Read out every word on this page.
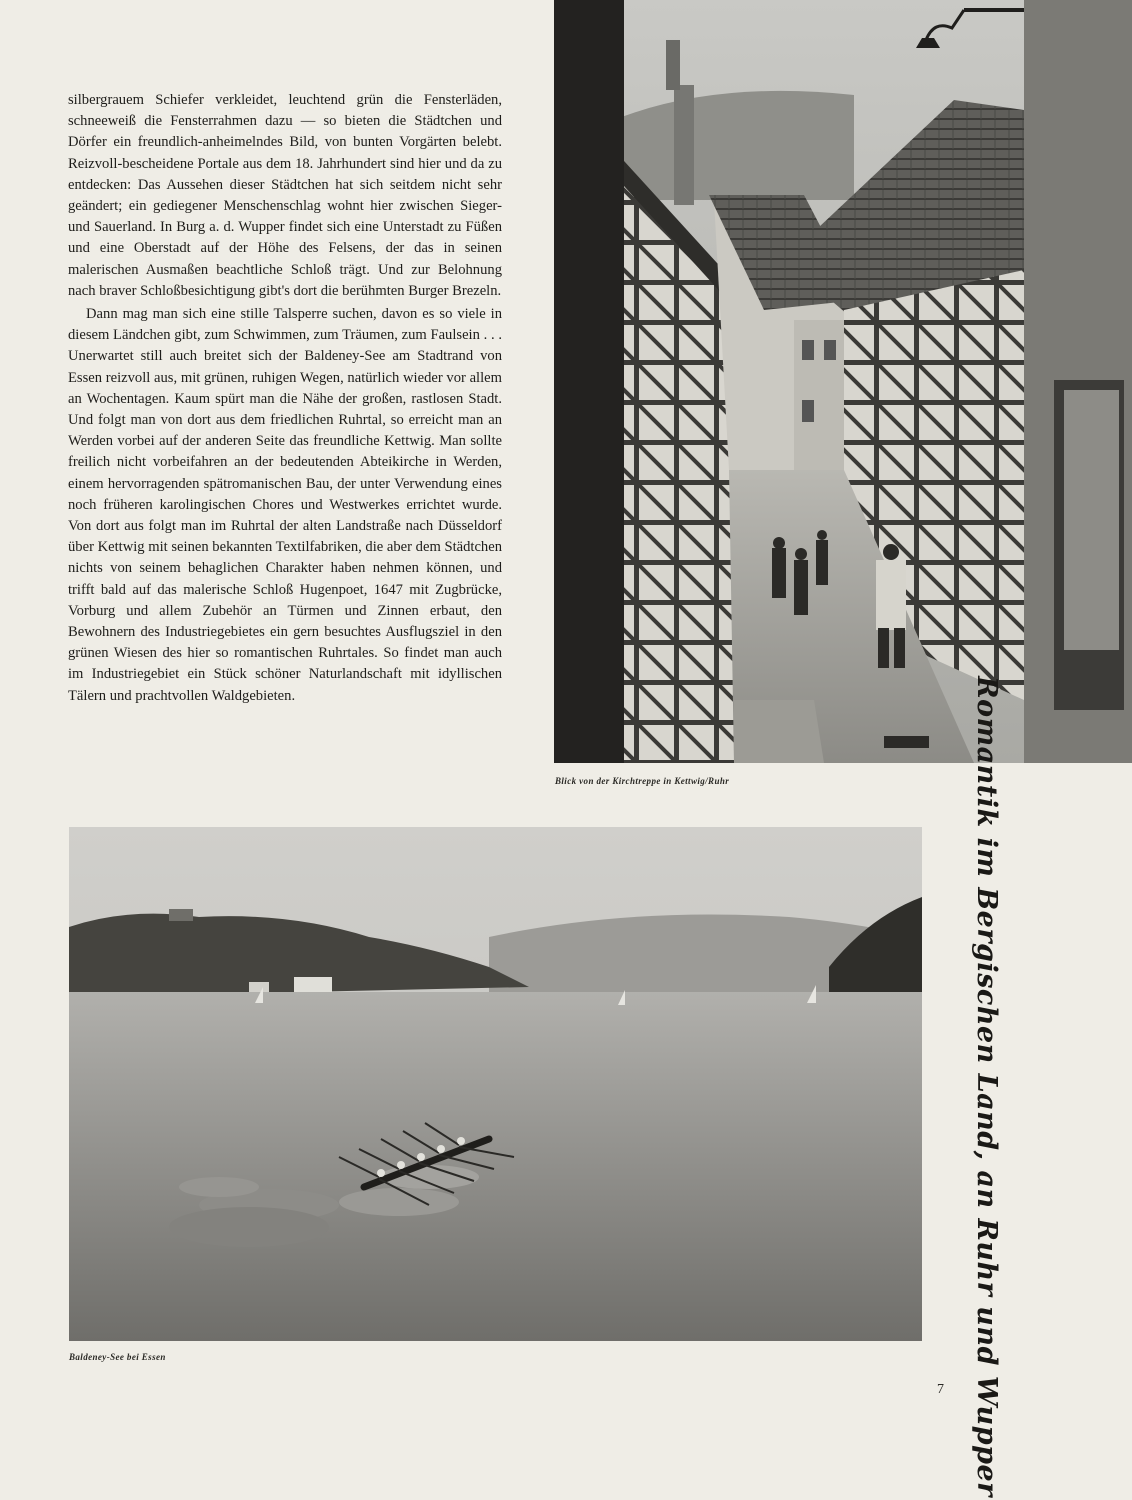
silbergrauem Schiefer verkleidet, leuchtend grün die Fensterläden, schneeweiß die Fensterrahmen dazu — so bieten die Städtchen und Dörfer ein freundlich-anheimelndes Bild, von bunten Vorgärten belebt. Reizvoll-bescheidene Portale aus dem 18. Jahrhundert sind hier und da zu entdecken: Das Aussehen dieser Städtchen hat sich seitdem nicht sehr geändert; ein gediegener Menschenschlag wohnt hier zwischen Sieger- und Sauerland. In Burg a. d. Wupper findet sich eine Unterstadt zu Füßen und eine Oberstadt auf der Höhe des Felsens, der das in seinen malerischen Ausmaßen beachtliche Schloß trägt. Und zur Belohnung nach braver Schloßbesichtigung gibt's dort die berühmten Burger Brezeln.

Dann mag man sich eine stille Talsperre suchen, davon es so viele in diesem Ländchen gibt, zum Schwimmen, zum Träumen, zum Faulsein . . . Unerwartet still auch breitet sich der Baldeney-See am Stadtrand von Essen reizvoll aus, mit grünen, ruhigen Wegen, natürlich wieder vor allem an Wochentagen. Kaum spürt man die Nähe der großen, rastlosen Stadt. Und folgt man von dort aus dem friedlichen Ruhrtal, so erreicht man an Werden vorbei auf der anderen Seite das freundliche Kettwig. Man sollte freilich nicht vorbeifahren an der bedeutenden Abteikirche in Werden, einem hervorragenden spätromanischen Bau, der unter Verwendung eines noch früheren karolingischen Chores und Westwerkes errichtet wurde. Von dort aus folgt man im Ruhrtal der alten Landstraße nach Düsseldorf über Kettwig mit seinen bekannten Textilfabriken, die aber dem Städtchen nichts von seinem behaglichen Charakter haben nehmen können, und trifft bald auf das malerische Schloß Hugenpoet, 1647 mit Zugbrücke, Vorburg und allem Zubehör an Türmen und Zinnen erbaut, den Bewohnern des Industriegebietes ein gern besuchtes Ausflugsziel in den grünen Wiesen des hier so romantischen Ruhrtales. So findet man auch im Industriegebiet ein Stück schöner Naturlandschaft mit idyllischen Tälern und prachtvollen Waldgebieten.

Blick von der Kirchtreppe in Kettwig/Ruhr
Baldeney-See bei Essen	Romantik im Bergischen Land, an Ruhr und Wupper
7
